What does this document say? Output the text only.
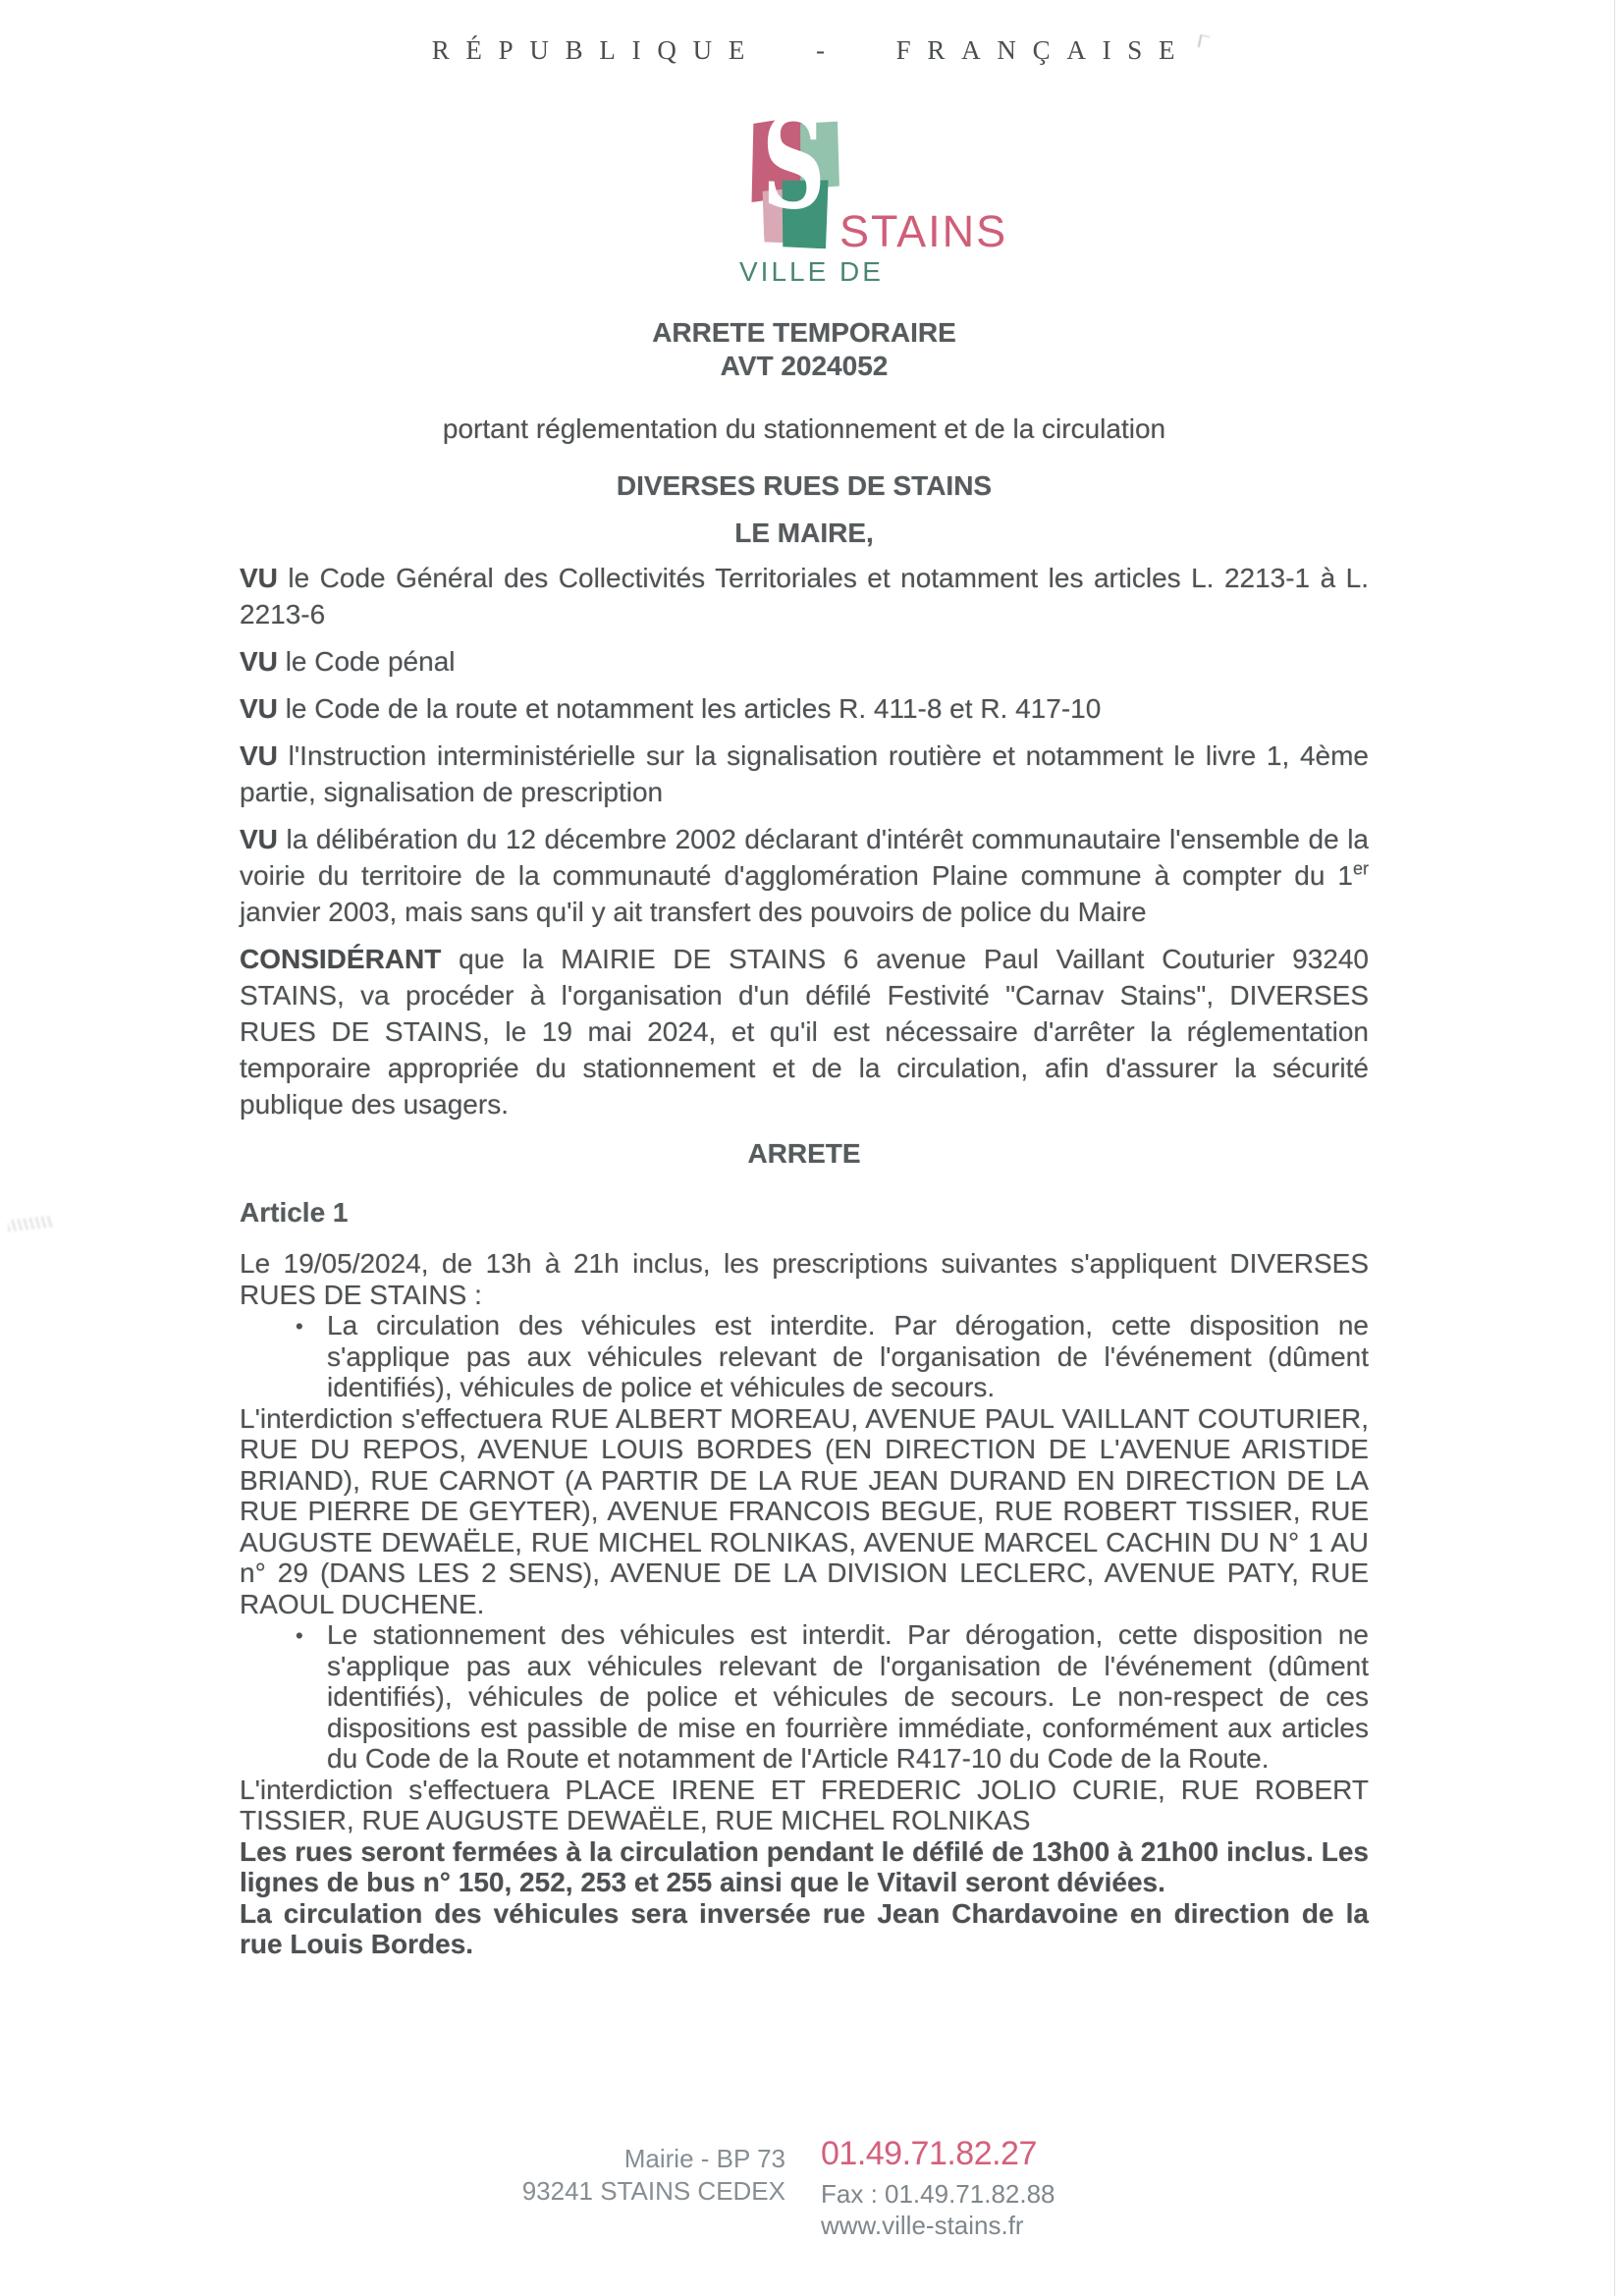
RÉPUBLIQUE - FRANÇAISE
S STAINS
VILLE DE

ARRETE TEMPORAIRE

AVT 2024052

portant réglementation du stationnement et de la circulation

DIVERSES RUES DE STAINS

LE MAIRE,

VU le Code Général des Collectivités Territoriales et notamment les articles L. 2213-1 à L. 2213-6

VU le Code pénal

VU le Code de la route et notamment les articles R. 411-8 et R. 417-10

VU l'Instruction interministérielle sur la signalisation routière et notamment le livre 1, 4ème partie, signalisation de prescription

VU la délibération du 12 décembre 2002 déclarant d'intérêt communautaire l'ensemble de la voirie du territoire de la communauté d'agglomération Plaine commune à compter du 1er janvier 2003, mais sans qu'il y ait transfert des pouvoirs de police du Maire

CONSIDÉRANT que la MAIRIE DE STAINS 6 avenue Paul Vaillant Couturier 93240 STAINS, va procéder à l'organisation d'un défilé Festivité "Carnav Stains", DIVERSES RUES DE STAINS, le 19 mai 2024, et qu'il est nécessaire d'arrêter la réglementation temporaire appropriée du stationnement et de la circulation, afin d'assurer la sécurité publique des usagers.

ARRETE

Article 1

Le 19/05/2024, de 13h à 21h inclus, les prescriptions suivantes s'appliquent DIVERSES RUES DE STAINS :

• La circulation des véhicules est interdite. Par dérogation, cette disposition ne s'applique pas aux véhicules relevant de l'organisation de l'événement (dûment identifiés), véhicules de police et véhicules de secours.

L'interdiction s'effectuera RUE ALBERT MOREAU, AVENUE PAUL VAILLANT COUTURIER, RUE DU REPOS, AVENUE LOUIS BORDES (EN DIRECTION DE L'AVENUE ARISTIDE BRIAND), RUE CARNOT (A PARTIR DE LA RUE JEAN DURAND EN DIRECTION DE LA RUE PIERRE DE GEYTER), AVENUE FRANCOIS BEGUE, RUE ROBERT TISSIER, RUE AUGUSTE DEWAËLE, RUE MICHEL ROLNIKAS, AVENUE MARCEL CACHIN DU N° 1 AU n° 29 (DANS LES 2 SENS), AVENUE DE LA DIVISION LECLERC, AVENUE PATY, RUE RAOUL DUCHENE.

• Le stationnement des véhicules est interdit. Par dérogation, cette disposition ne s'applique pas aux véhicules relevant de l'organisation de l'événement (dûment identifiés), véhicules de police et véhicules de secours. Le non-respect de ces dispositions est passible de mise en fourrière immédiate, conformément aux articles du Code de la Route et notamment de l'Article R417-10 du Code de la Route.

L'interdiction s'effectuera PLACE IRENE ET FREDERIC JOLIO CURIE, RUE ROBERT TISSIER, RUE AUGUSTE DEWAËLE, RUE MICHEL ROLNIKAS

Les rues seront fermées à la circulation pendant le défilé de 13h00 à 21h00 inclus. Les lignes de bus n° 150, 252, 253 et 255 ainsi que le Vitavil seront déviées.

La circulation des véhicules sera inversée rue Jean Chardavoine en direction de la rue Louis Bordes.

Mairie - BP 73
93241 STAINS CEDEX
01.49.71.82.27
Fax : 01.49.71.82.88
www.ville-stains.fr
